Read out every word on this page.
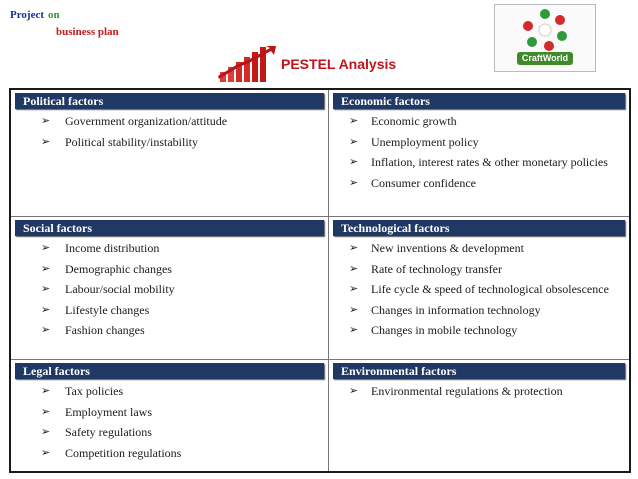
Project on
business plan
PESTEL Analysis	CraftWorld
Political factors
➢ Government organization/attitude
➢ Political stability/instability
Economic factors
➢ Economic growth
➢ Unemployment policy
➢ Inflation, interest rates & other monetary policies
➢ Consumer confidence
Social factors
➢ Income distribution
➢ Demographic changes
➢ Labour/social mobility
➢ Lifestyle changes
➢ Fashion changes
Technological factors
➢ New inventions & development
➢ Rate of technology transfer
➢ Life cycle & speed of technological obsolescence
➢ Changes in information technology
➢ Changes in mobile technology
Legal factors
➢ Tax policies
➢ Employment laws
➢ Safety regulations
➢ Competition regulations
Environmental factors
➢ Environmental regulations & protection
